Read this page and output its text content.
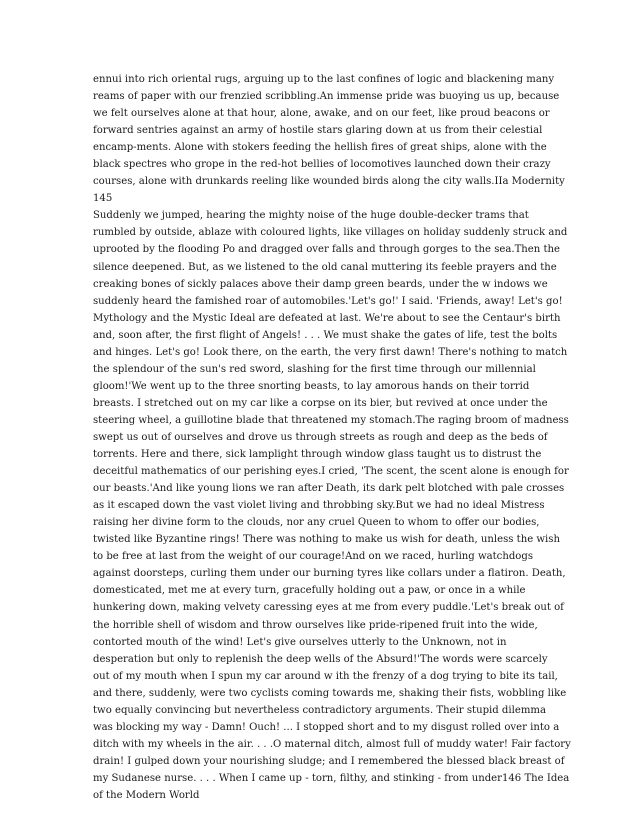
ennui into rich oriental rugs, arguing up to the last confines of logic and blackening many
reams of paper with our frenzied scribbling.An immense pride was buoying us up, because
we felt ourselves alone at that hour, alone, awake, and on our feet, like proud beacons or
forward sentries against an army of hostile stars glaring down at us from their celestial
encamp-ments. Alone with stokers feeding the hellish fires of great ships, alone with the
black spectres who grope in the red-hot bellies of locomotives launched down their crazy
courses, alone with drunkards reeling like wounded birds along the city walls.IIa Modernity
145
Suddenly we jumped, hearing the mighty noise of the huge double-decker trams that
rumbled by outside, ablaze with coloured lights, like villages on holiday suddenly struck and
uprooted by the flooding Po and dragged over falls and through gorges to the sea.Then the
silence deepened. But, as we listened to the old canal muttering its feeble prayers and the
creaking bones of sickly palaces above their damp green beards, under the w indows we
suddenly heard the famished roar of automobiles.'Let's go!' I said. 'Friends, away! Let's go!
Mythology and the Mystic Ideal are defeated at last. We're about to see the Centaur's birth
and, soon after, the first flight of Angels! . . . We must shake the gates of life, test the bolts
and hinges. Let's go! Look there, on the earth, the very first dawn! There's nothing to match
the splendour of the sun's red sword, slashing for the first time through our millennial
gloom!'We went up to the three snorting beasts, to lay amorous hands on their torrid
breasts. I stretched out on my car like a corpse on its bier, but revived at once under the
steering wheel, a guillotine blade that threatened my stomach.The raging broom of madness
swept us out of ourselves and drove us through streets as rough and deep as the beds of
torrents. Here and there, sick lamplight through window glass taught us to distrust the
deceitful mathematics of our perishing eyes.I cried, 'The scent, the scent alone is enough for
our beasts.'And like young lions we ran after Death, its dark pelt blotched with pale crosses
as it escaped down the vast violet living and throbbing sky.But we had no ideal Mistress
raising her divine form to the clouds, nor any cruel Queen to whom to offer our bodies,
twisted like Byzantine rings! There was nothing to make us wish for death, unless the wish
to be free at last from the weight of our courage!And on we raced, hurling watchdogs
against doorsteps, curling them under our burning tyres like collars under a flatiron. Death,
domesticated, met me at every turn, gracefully holding out a paw, or once in a while
hunkering down, making velvety caressing eyes at me from every puddle.'Let's break out of
the horrible shell of wisdom and throw ourselves like pride-ripened fruit into the wide,
contorted mouth of the wind! Let's give ourselves utterly to the Unknown, not in
desperation but only to replenish the deep wells of the Absurd!'The words were scarcely
out of my mouth when I spun my car around w ith the frenzy of a dog trying to bite its tail,
and there, suddenly, were two cyclists coming towards me, shaking their fists, wobbling like
two equally convincing but nevertheless contradictory arguments. Their stupid dilemma
was blocking my way - Damn! Ouch! ... I stopped short and to my disgust rolled over into a
ditch with my wheels in the air. . . .O maternal ditch, almost full of muddy water! Fair factory
drain! I gulped down your nourishing sludge; and I remembered the blessed black breast of
my Sudanese nurse. . . . When I came up - torn, filthy, and stinking - from under146 The Idea
of the Modern World
